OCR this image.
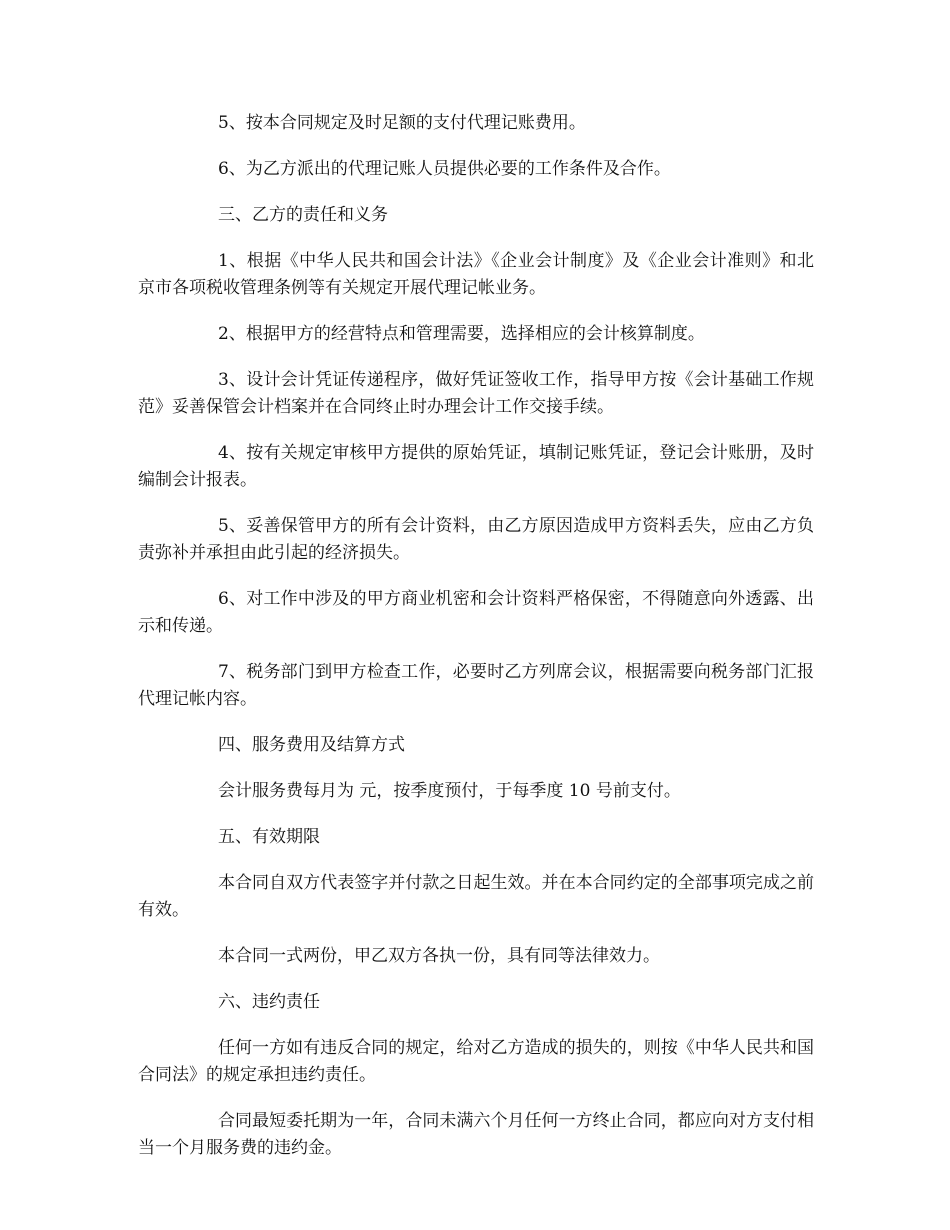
5、按本合同规定及时足额的支付代理记账费用。

6、为乙方派出的代理记账人员提供必要的工作条件及合作。

三、乙方的责任和义务

1、根据《中华人民共和国会计法》《企业会计制度》及《企业会计准则》和北京市各项税收管理条例等有关规定开展代理记帐业务。

2、根据甲方的经营特点和管理需要，选择相应的会计核算制度。

3、设计会计凭证传递程序，做好凭证签收工作，指导甲方按《会计基础工作规范》妥善保管会计档案并在合同终止时办理会计工作交接手续。

4、按有关规定审核甲方提供的原始凭证，填制记账凭证，登记会计账册，及时编制会计报表。

5、妥善保管甲方的所有会计资料，由乙方原因造成甲方资料丢失，应由乙方负责弥补并承担由此引起的经济损失。

6、对工作中涉及的甲方商业机密和会计资料严格保密，不得随意向外透露、出示和传递。

7、税务部门到甲方检查工作，必要时乙方列席会议，根据需要向税务部门汇报代理记帐内容。

四、服务费用及结算方式

会计服务费每月为 元，按季度预付，于每季度 10 号前支付。

五、有效期限

本合同自双方代表签字并付款之日起生效。并在本合同约定的全部事项完成之前有效。

本合同一式两份，甲乙双方各执一份，具有同等法律效力。

六、违约责任

任何一方如有违反合同的规定，给对乙方造成的损失的，则按《中华人民共和国合同法》的规定承担违约责任。

合同最短委托期为一年，合同未满六个月任何一方终止合同，都应向对方支付相当一个月服务费的违约金。
